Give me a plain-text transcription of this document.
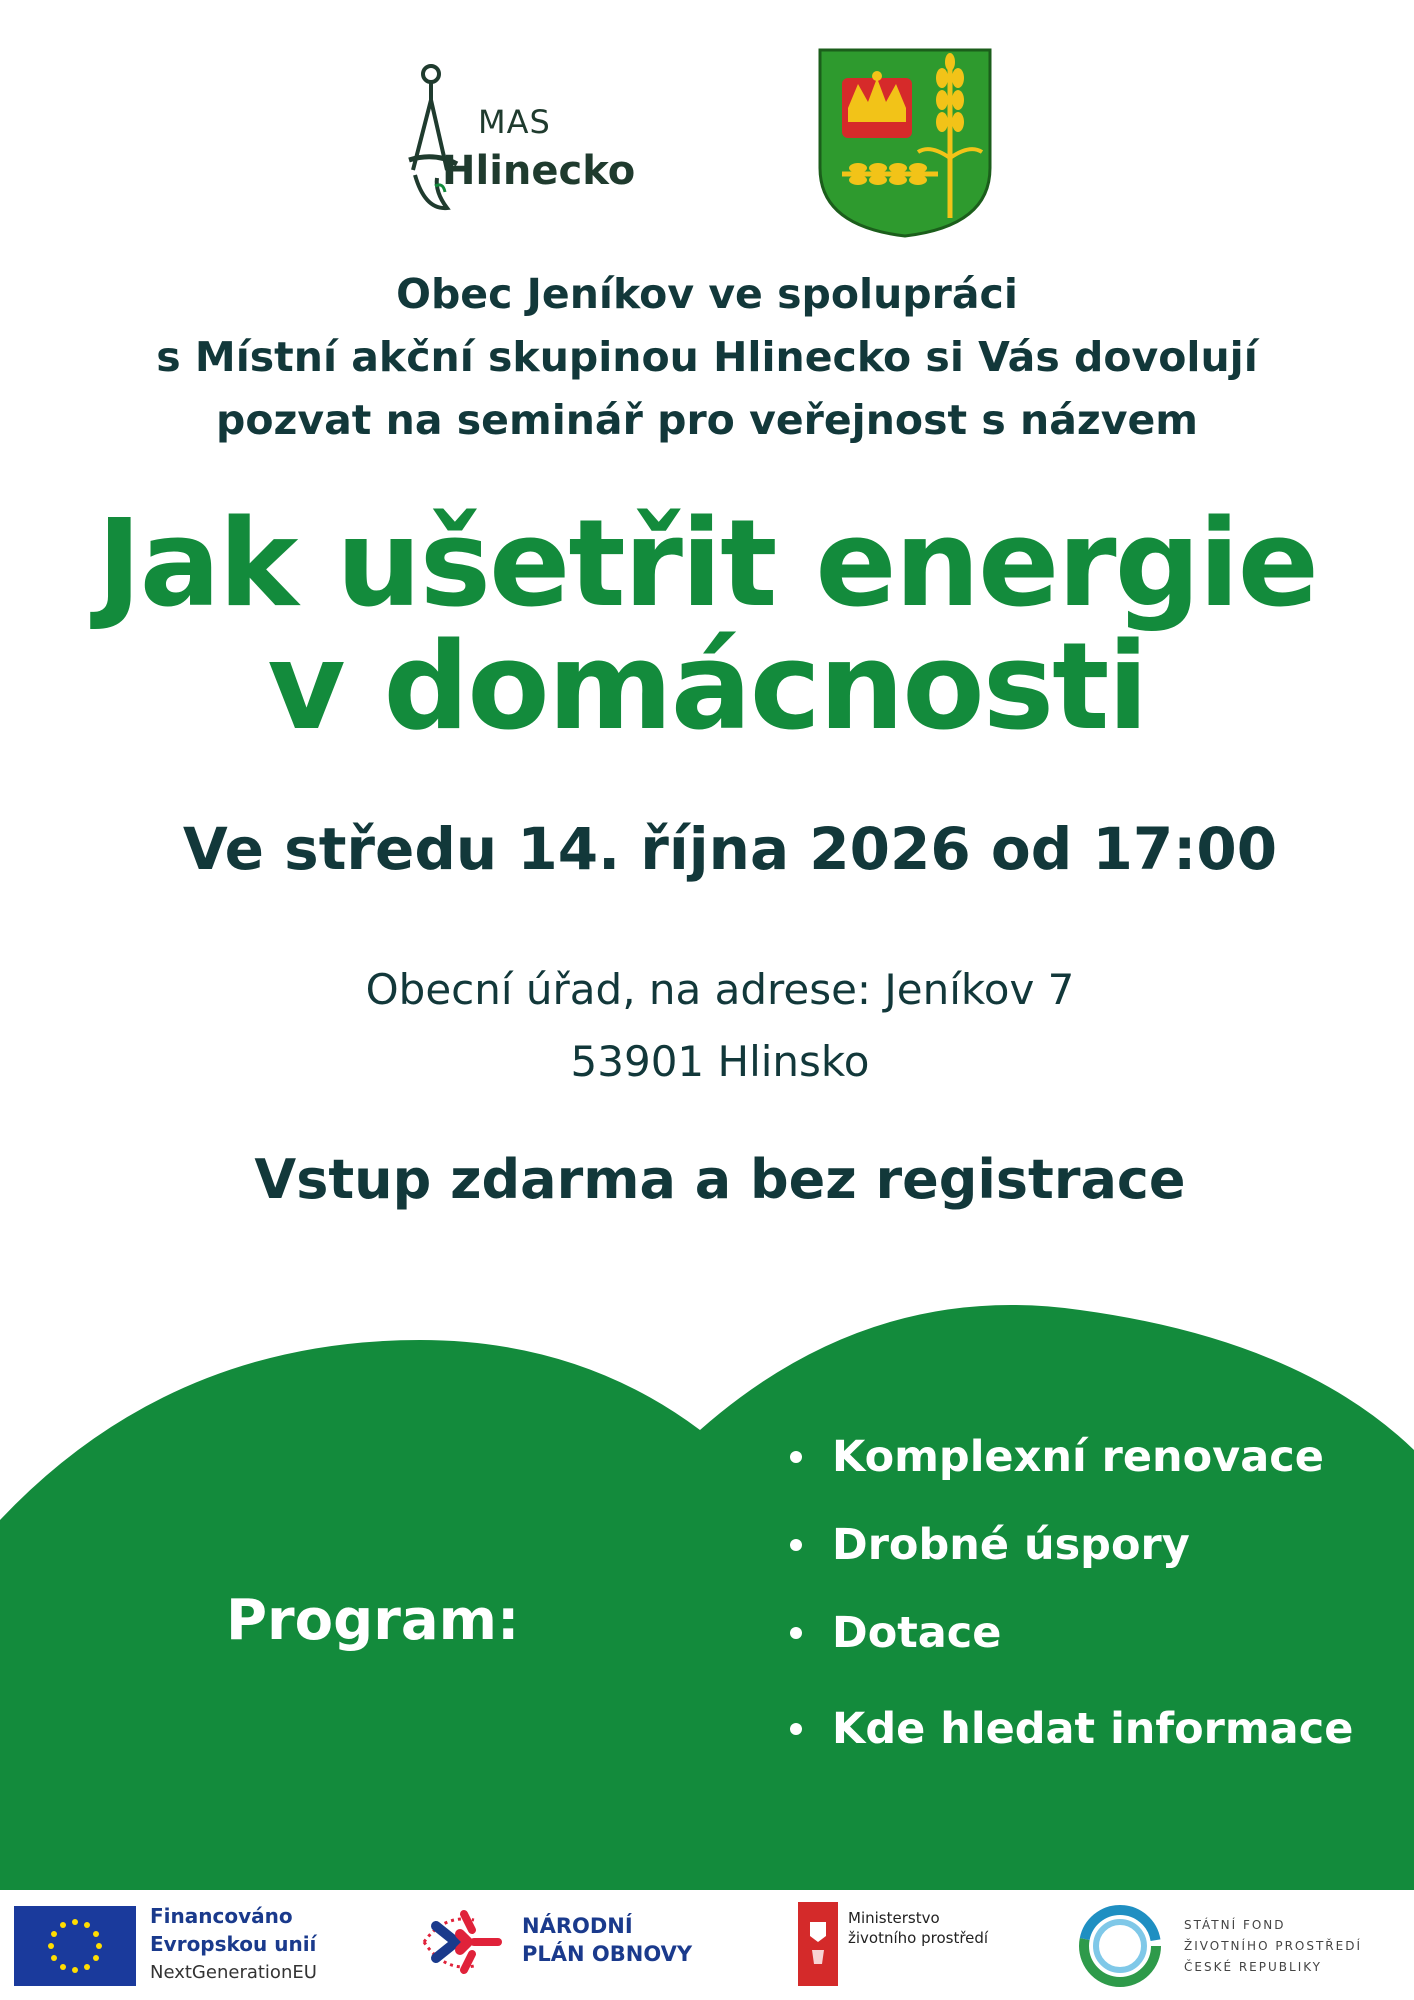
MAS
Hlinecko
Obec Jeníkov ve spolupráci
s Místní akční skupinou Hlinecko si Vás dovolují
pozvat na seminář pro veřejnost s názvem
Jak ušetřit energie
v domácnosti
Ve středu 14. října 2026 od 17:00
Obecní úřad, na adrese: Jeníkov 7
53901 Hlinsko
Vstup zdarma a bez registrace
Program:
Komplexní renovace
Drobné úspory
Dotace
Kde hledat informace
Financováno
Evropskou unií
NextGenerationEU
NÁRODNÍ
PLÁN OBNOVY
Ministerstvo
životního prostředí
STÁTNÍ FOND
ŽIVOTNÍHO PROSTŘEDÍ
ČESKÉ REPUBLIKY
